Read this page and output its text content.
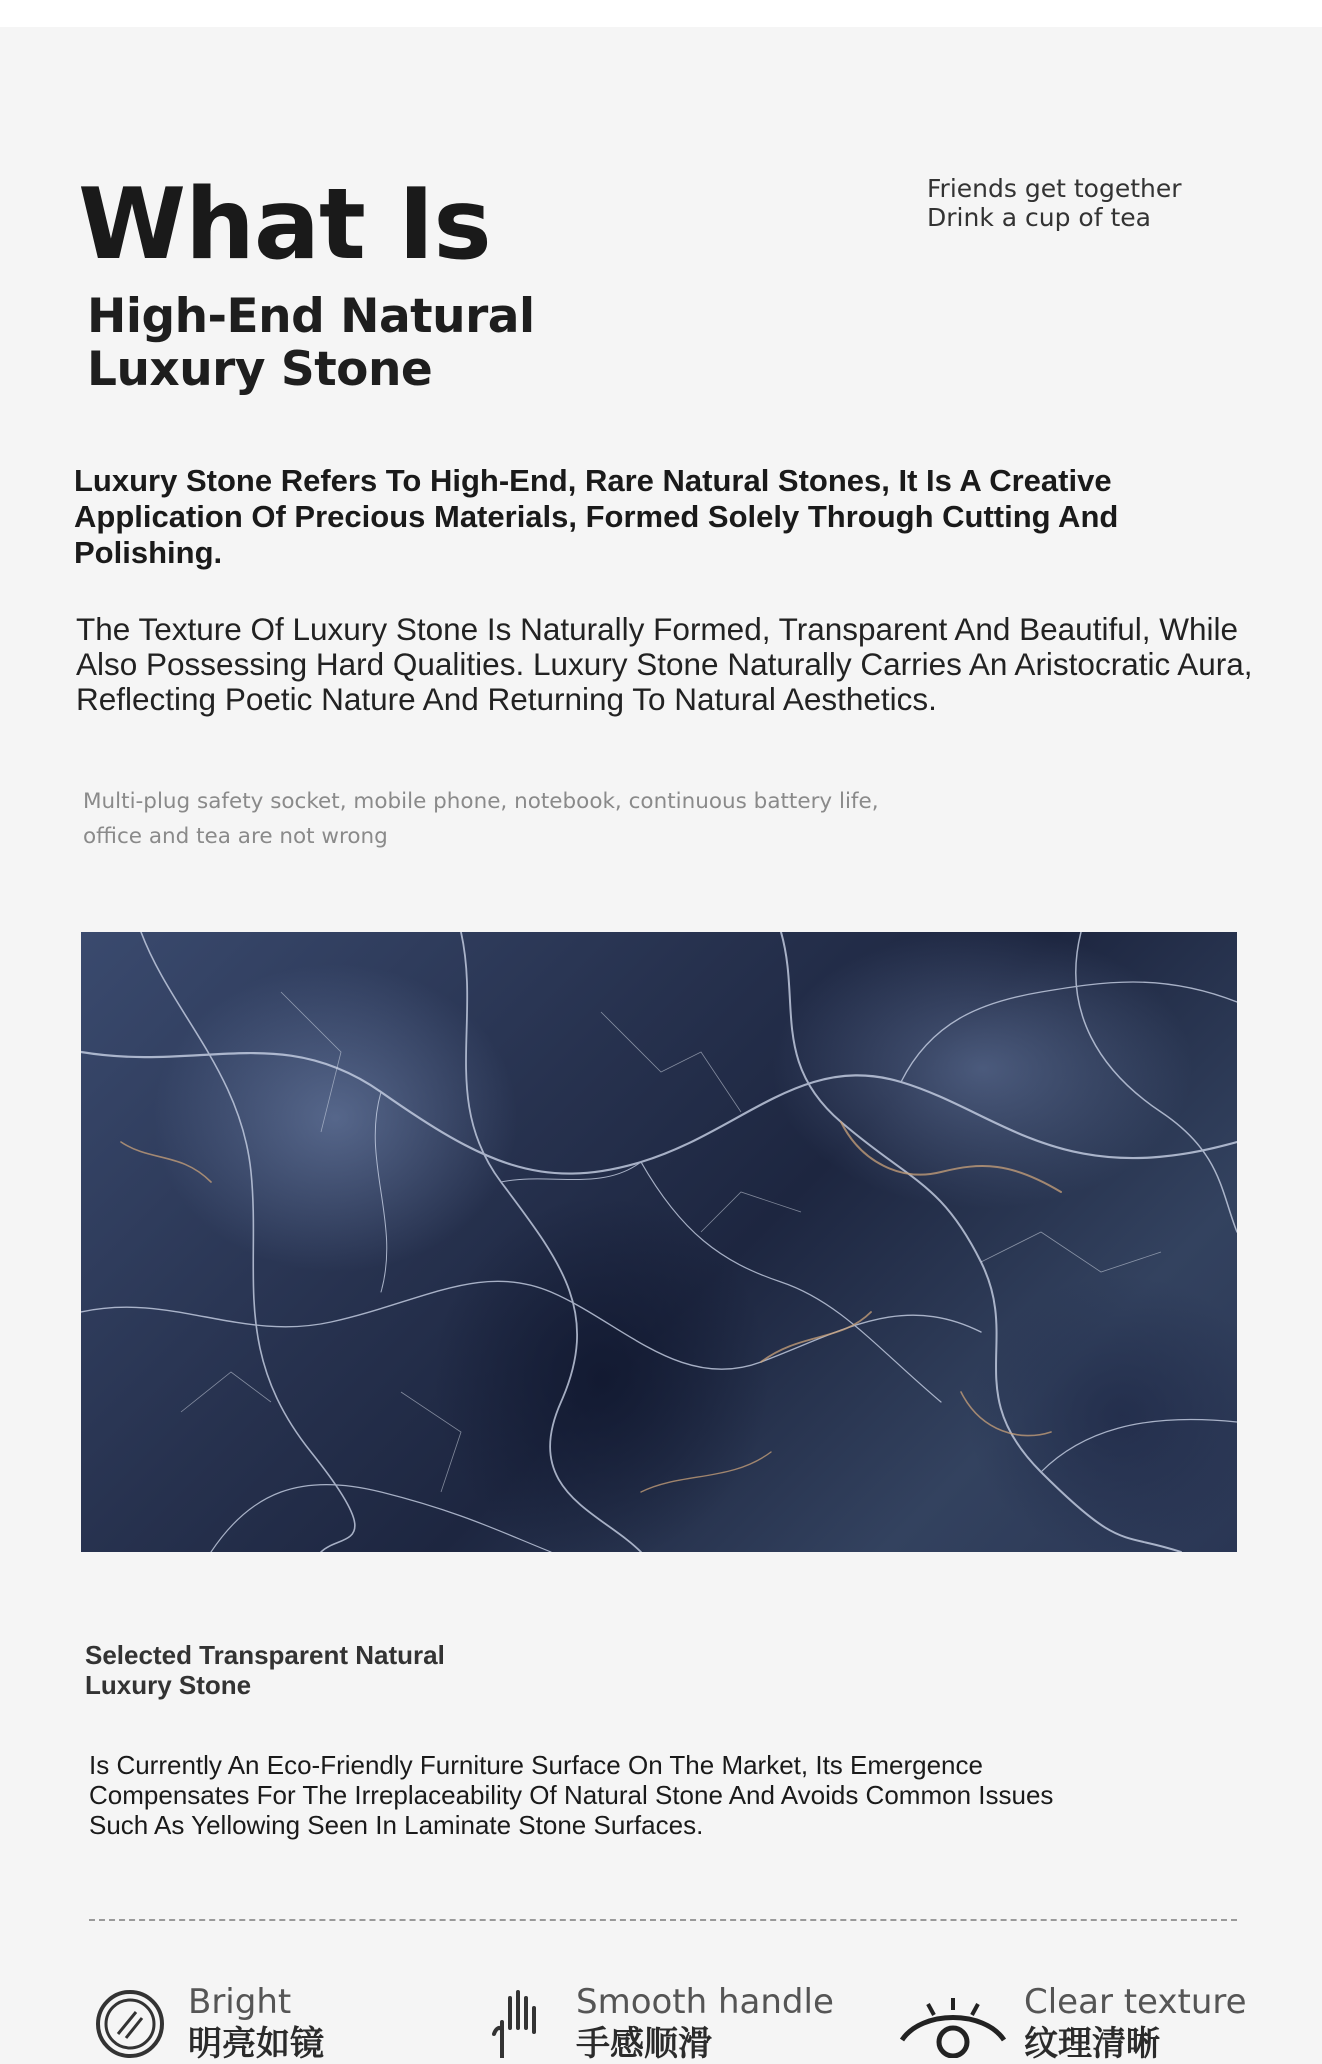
What Is
High-End Natural Luxury Stone
Friends get together
Drink a cup of tea

Luxury Stone Refers To High-End, Rare Natural Stones, It Is A Creative Application Of Precious Materials, Formed Solely Through Cutting And Polishing.

The Texture Of Luxury Stone Is Naturally Formed, Transparent And Beautiful, While Also Possessing Hard Qualities. Luxury Stone Naturally Carries An Aristocratic Aura, Reflecting Poetic Nature And Returning To Natural Aesthetics.

Multi-plug safety socket, mobile phone, notebook, continuous battery life,
office and tea are not wrong
Selected Transparent Natural Luxury Stone

Is Currently An Eco-Friendly Furniture Surface On The Market, Its Emergence Compensates For The Irreplaceability Of Natural Stone And Avoids Common Issues Such As Yellowing Seen In Laminate Stone Surfaces.

Bright
明亮如镜
Smooth handle
手感顺滑
Clear texture
纹理清晰
